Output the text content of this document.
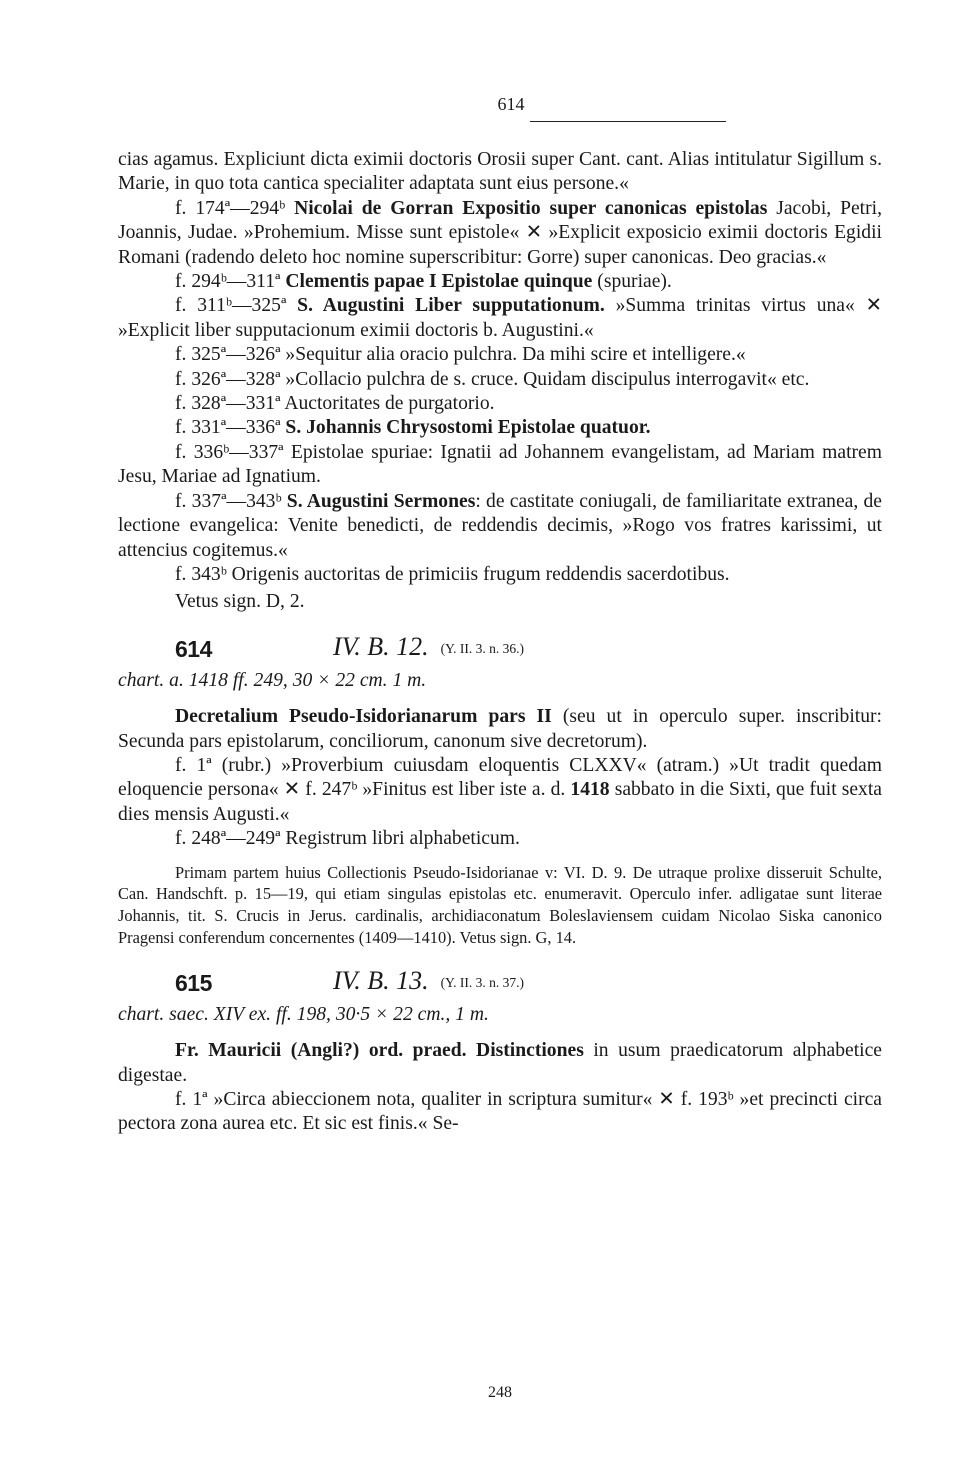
614

cias agamus. Expliciunt dicta eximii doctoris Orosii super Cant. cant. Alias intitulatur Sigillum s. Marie, in quo tota cantica specialiter adaptata sunt eius persone.«

f. 174ª—294ᵇ Nicolai de Gorran Expositio super canonicas epistolas Jacobi, Petri, Joannis, Judae. »Prohemium. Misse sunt epistole« ✕ »Explicit exposicio eximii doctoris Egidii Romani (radendo deleto hoc nomine superscribitur: Gorre) super canonicas. Deo gracias.«

f. 294ᵇ—311ª Clementis papae I Epistolae quinque (spuriae).

f. 311ᵇ—325ª S. Augustini Liber supputationum. »Summa trinitas virtus una« ✕ »Explicit liber supputacionum eximii doctoris b. Augustini.«

f. 325ª—326ª »Sequitur alia oracio pulchra. Da mihi scire et intelligere.«

f. 326ª—328ª »Collacio pulchra de s. cruce. Quidam discipulus interrogavit« etc.

f. 328ª—331ª Auctoritates de purgatorio.

f. 331ª—336ª S. Johannis Chrysostomi Epistolae quatuor.

f. 336ᵇ—337ª Epistolae spuriae: Ignatii ad Johannem evangelistam, ad Mariam matrem Jesu, Mariae ad Ignatium.

f. 337ª—343ᵇ S. Augustini Sermones: de castitate coniugali, de familiaritate extranea, de lectione evangelica: Venite benedicti, de reddendis decimis, »Rogo vos fratres karissimi, ut attencius cogitemus.«

f. 343ᵇ Origenis auctoritas de primiciis frugum reddendis sacerdotibus.

Vetus sign. D, 2.

614	IV. B. 12. (Y. II. 3. n. 36.)

chart. a. 1418 ff. 249, 30 × 22 cm. 1 m.

Decretalium Pseudo-Isidorianarum pars II (seu ut in operculo super. inscribitur: Secunda pars epistolarum, conciliorum, canonum sive decretorum).

f. 1ª (rubr.) »Proverbium cuiusdam eloquentis CLXXV« (atram.) »Ut tradit quedam eloquencie persona« ✕ f. 247ᵇ »Finitus est liber iste a. d. 1418 sabbato in die Sixti, que fuit sexta dies mensis Augusti.«

f. 248ª—249ª Registrum libri alphabeticum.

Primam partem huius Collectionis Pseudo-Isidorianae v: VI. D. 9. De utraque prolixe disseruit Schulte, Can. Handschft. p. 15—19, qui etiam singulas epistolas etc. enumeravit. Operculo infer. adligatae sunt literae Johannis, tit. S. Crucis in Jerus. cardinalis, archidiaconatum Boleslaviensem cuidam Nicolao Siska canonico Pragensi conferendum concernentes (1409—1410). Vetus sign. G, 14.

615	IV. B. 13. (Y. II. 3. n. 37.)

chart. saec. XIV ex. ff. 198, 30·5 × 22 cm., 1 m.

Fr. Mauricii (Angli?) ord. praed. Distinctiones in usum praedicatorum alphabetice digestae.

f. 1ª »Circa abieccionem nota, qualiter in scriptura sumitur« ✕ f. 193ᵇ »et precincti circa pectora zona aurea etc. Et sic est finis.« Se-

248
